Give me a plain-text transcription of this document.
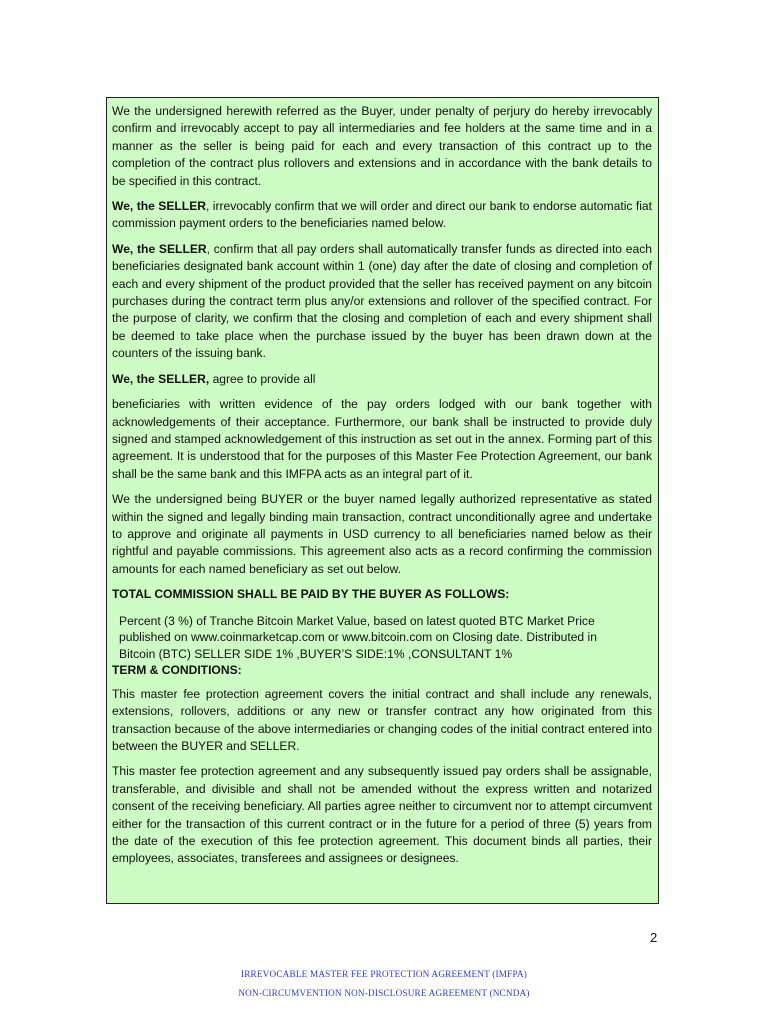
We the undersigned herewith referred as the Buyer, under penalty of perjury do hereby irrevocably confirm and irrevocably accept to pay all intermediaries and fee holders at the same time and in a manner as the seller is being paid for each and every transaction of this contract up to the completion of the contract plus rollovers and extensions and in accordance with the bank details to be specified in this contract.

We, the SELLER, irrevocably confirm that we will order and direct our bank to endorse automatic fiat commission payment orders to the beneficiaries named below.

We, the SELLER, confirm that all pay orders shall automatically transfer funds as directed into each beneficiaries designated bank account within 1 (one) day after the date of closing and completion of each and every shipment of the product provided that the seller has received payment on any bitcoin purchases during the contract term plus any/or extensions and rollover of the specified contract. For the purpose of clarity, we confirm that the closing and completion of each and every shipment shall be deemed to take place when the purchase issued by the buyer has been drawn down at the counters of the issuing bank.

We, the SELLER, agree to provide all

beneficiaries with written evidence of the pay orders lodged with our bank together with acknowledgements of their acceptance. Furthermore, our bank shall be instructed to provide duly signed and stamped acknowledgement of this instruction as set out in the annex. Forming part of this agreement. It is understood that for the purposes of this Master Fee Protection Agreement, our bank shall be the same bank and this IMFPA acts as an integral part of it.

We the undersigned being BUYER or the buyer named legally authorized representative as stated within the signed and legally binding main transaction, contract unconditionally agree and undertake to approve and originate all payments in USD currency to all beneficiaries named below as their rightful and payable commissions. This agreement also acts as a record confirming the commission amounts for each named beneficiary as set out below.

TOTAL COMMISSION SHALL BE PAID BY THE BUYER AS FOLLOWS:
Percent (3 %) of Tranche Bitcoin Market Value, based on latest quoted BTC Market Price published on www.coinmarketcap.com or www.bitcoin.com on Closing date. Distributed in Bitcoin (BTC) SELLER SIDE 1% ,BUYER’S SIDE:1% ,CONSULTANT 1%
TERM & CONDITIONS:

This master fee protection agreement covers the initial contract and shall include any renewals, extensions, rollovers, additions or any new or transfer contract any how originated from this transaction because of the above intermediaries or changing codes of the initial contract entered into between the BUYER and SELLER.

This master fee protection agreement and any subsequently issued pay orders shall be assignable, transferable, and divisible and shall not be amended without the express written and notarized consent of the receiving beneficiary. All parties agree neither to circumvent nor to attempt circumvent either for the transaction of this current contract or in the future for a period of three (5) years from the date of the execution of this fee protection agreement. This document binds all parties, their employees, associates, transferees and assignees or designees.

2
IRREVOCABLE MASTER FEE PROTECTION AGREEMENT (IMFPA)
NON-CIRCUMVENTION NON-DISCLOSURE AGREEMENT (NCNDA)
